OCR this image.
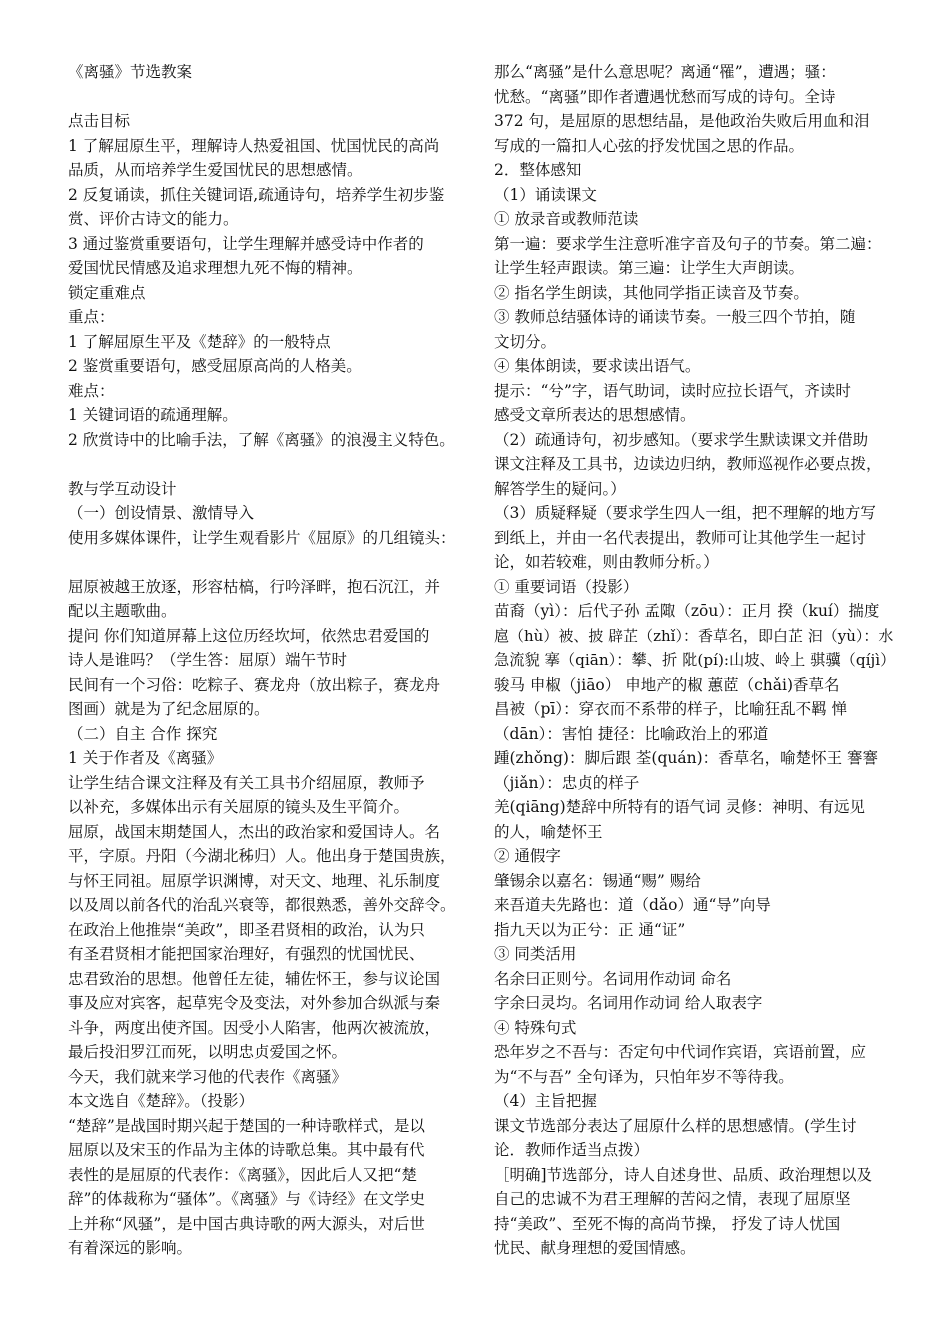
《离骚》节选教案
点击目标
1 了解屈原生平，理解诗人热爱祖国、忧国忧民的高尚
品质，从而培养学生爱国忧民的思想感情。
2 反复诵读，抓住关键词语,疏通诗句，培养学生初步鉴
赏、评价古诗文的能力。
3 通过鉴赏重要语句，让学生理解并感受诗中作者的
爱国忧民情感及追求理想九死不悔的精神。
锁定重难点
重点：
1 了解屈原生平及《楚辞》的一般特点
2 鉴赏重要语句，感受屈原高尚的人格美。
难点：
1 关键词语的疏通理解。
2 欣赏诗中的比喻手法，了解《离骚》的浪漫主义特色。
教与学互动设计
（一）创设情景、激情导入
使用多媒体课件，让学生观看影片《屈原》的几组镜头：
屈原被越王放逐，形容枯槁，行吟泽畔，抱石沉江，并
配以主题歌曲。
提问 你们知道屏幕上这位历经坎坷，依然忠君爱国的
诗人是谁吗？（学生答：屈原）端午节时
民间有一个习俗：吃粽子、赛龙舟（放出粽子，赛龙舟
图画）就是为了纪念屈原的。
（二）自主 合作 探究
1 关于作者及《离骚》
让学生结合课文注释及有关工具书介绍屈原，教师予
以补充，多媒体出示有关屈原的镜头及生平简介。
屈原，战国末期楚国人，杰出的政治家和爱国诗人。名
平，字原。丹阳（今湖北秭归）人。他出身于楚国贵族，
与怀王同祖。屈原学识渊博，对天文、地理、礼乐制度
以及周以前各代的治乱兴衰等，都很熟悉，善外交辞令。
在政治上他推崇“美政”，即圣君贤相的政治，认为只
有圣君贤相才能把国家治理好，有强烈的忧国忧民、
忠君致治的思想。他曾任左徒，辅佐怀王，参与议论国
事及应对宾客，起草宪令及变法，对外参加合纵派与秦
斗争，两度出使齐国。因受小人陷害，他两次被流放，
最后投汨罗江而死，以明忠贞爱国之怀。
今天，我们就来学习他的代表作《离骚》
本文选自《楚辞》。（投影）
“楚辞”是战国时期兴起于楚国的一种诗歌样式，是以
屈原以及宋玉的作品为主体的诗歌总集。其中最有代
表性的是屈原的代表作：《离骚》，因此后人又把“楚
辞”的体裁称为“骚体”。《离骚》与《诗经》在文学史
上并称“风骚”，是中国古典诗歌的两大源头，对后世
有着深远的影响。
那么“离骚”是什么意思呢？离通“罹”，遭遇；骚：
忧愁。“离骚”即作者遭遇忧愁而写成的诗句。全诗
372 句，是屈原的思想结晶，是他政治失败后用血和泪
写成的一篇扣人心弦的抒发忧国之思的作品。
2．整体感知
（1）诵读课文
① 放录音或教师范读
第一遍：要求学生注意听准字音及句子的节奏。第二遍：
让学生轻声跟读。第三遍：让学生大声朗读。
② 指名学生朗读，其他同学指正读音及节奏。
③ 教师总结骚体诗的诵读节奏。一般三四个节拍，随
文切分。
④ 集体朗读，要求读出语气。
提示：“兮”字，语气助词，读时应拉长语气，齐读时
感受文章所表达的思想感情。
（2）疏通诗句，初步感知。（要求学生默读课文并借助
课文注释及工具书，边读边归纳，教师巡视作必要点拨，
解答学生的疑问。）
（3）质疑释疑（要求学生四人一组，把不理解的地方写
到纸上，并由一名代表提出，教师可让其他学生一起讨
论，如若较难，则由教师分析。）
① 重要词语（投影）
苗裔（yì）：后代子孙 孟陬（zōu）：正月 揆（kuí）揣度
扈（hù）被、披 辟芷（zhǐ）：香草名，即白芷 汩（yù）：水
急流貌 搴（qiān）：攀、折 阰(pí):山坡、岭上 骐骥（qíjì）
骏马 申椒（jiāo） 申地产的椒 蕙茝（chǎi)香草名
昌被（pī）：穿衣而不系带的样子，比喻狂乱不羁 惮
（dān）：害怕 捷径：比喻政治上的邪道
踵(zhǒng)：脚后跟 荃(quán)：香草名，喻楚怀王 謇謇
（jiǎn）：忠贞的样子
羌(qiāng)楚辞中所特有的语气词 灵修：神明、有远见
的人，喻楚怀王
② 通假字
肇锡余以嘉名：锡通“赐” 赐给
来吾道夫先路也：道（dǎo）通“导”向导
指九天以为正兮：正 通“证”
③ 同类活用
名余曰正则兮。名词用作动词 命名
字余曰灵均。名词用作动词 给人取表字
④ 特殊句式
恐年岁之不吾与：否定句中代词作宾语，宾语前置，应
为“不与吾” 全句译为，只怕年岁不等待我。
（4）主旨把握
课文节选部分表达了屈原什么样的思想感情。(学生讨
论．教师作适当点拨）
［明确]节选部分，诗人自述身世、品质、政治理想以及
自己的忠诚不为君王理解的苦闷之情，表现了屈原坚
持“美政”、至死不悔的高尚节操， 抒发了诗人忧国
忧民、献身理想的爱国情感。
